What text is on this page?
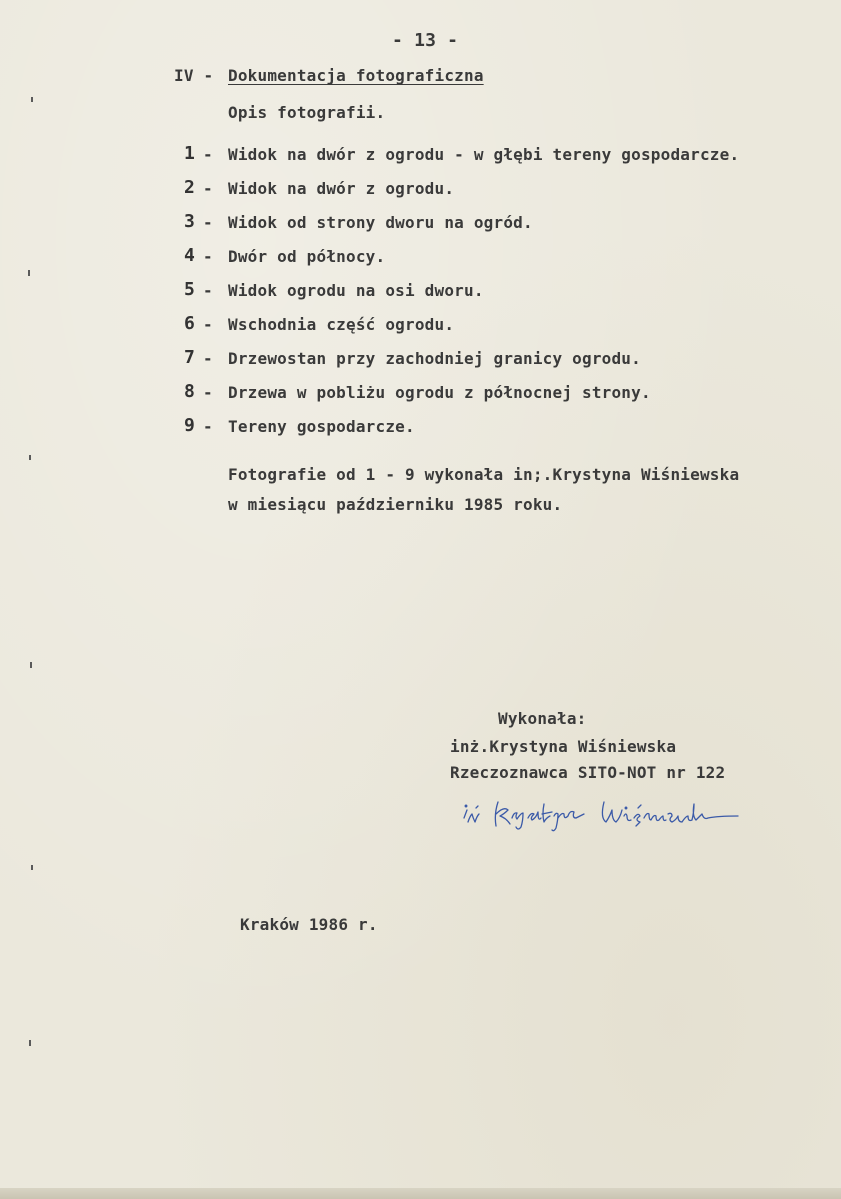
- 13 -
IV - Dokumentacja fotograficzna
Opis fotografii.
1 - Widok na dwór z ogrodu - w głębi tereny gospodarcze.
2 - Widok na dwór z ogrodu.
3 - Widok od strony dworu na ogród.
4 - Dwór od północy.
5 - Widok ogrodu na osi dworu.
6 - Wschodnia część ogrodu.
7 - Drzewostan przy zachodniej granicy ogrodu.
8 - Drzewa w pobliżu ogrodu z północnej strony.
9 - Tereny gospodarcze.
Fotografie od 1 - 9 wykonała in;.Krystyna Wiśniewska
w miesiącu październiku 1985 roku.
Wykonała:
inż.Krystyna Wiśniewska
Rzeczoznawca SITO-NOT nr 122
Kraków 1986 r.
